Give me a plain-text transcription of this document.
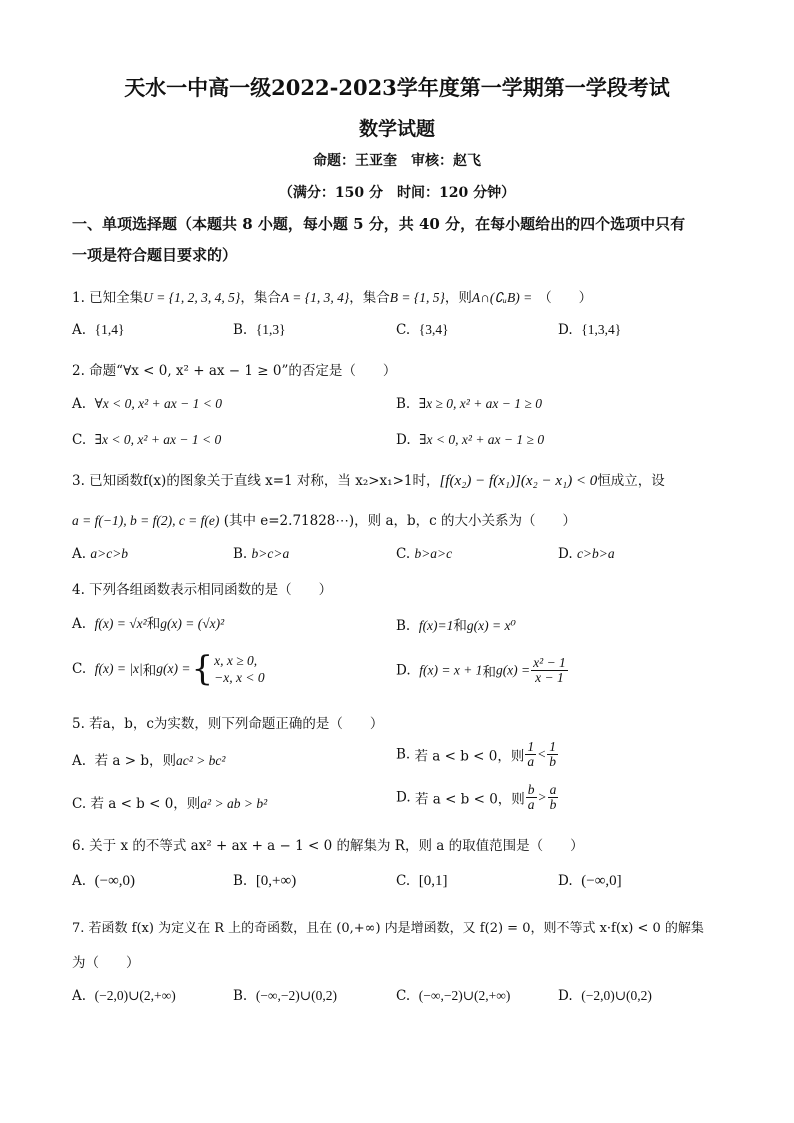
天水一中高一级2022-2023学年度第一学期第一学段考试
数学试题
命题：王亚奎　审核：赵飞
（满分：150 分　时间：120 分钟）
一、单项选择题（本题共 8 小题，每小题 5 分，共 40 分，在每小题给出的四个选项中只有
一项是符合题目要求的）
1. 已知全集U = {1, 2, 3, 4, 5}，集合A = {1, 3, 4}，集合B = {1, 5}，则A∩(∁ᵤB) = （　　）
A. {1,4}	B. {1,3}	C. {3,4}	D. {1,3,4}
2. 命题“∀x < 0, x² + ax − 1 ≥ 0”的否定是（　　）
A. ∀x < 0, x² + ax − 1 < 0	B. ∃x ≥ 0, x² + ax − 1 ≥ 0
C. ∃x < 0, x² + ax − 1 < 0	D. ∃x < 0, x² + ax − 1 ≥ 0
3. 已知函数f(x)的图象关于直线 x=1 对称，当 x₂>x₁>1时，[f(x₂) − f(x₁)](x₂ − x₁) < 0恒成立，设
a = f(−1), b = f(2), c = f(e) (其中 e=2.71828⋯)，则 a，b，c 的大小关系为（　　）
A. a>c>b	B. b>c>a	C. b>a>c	D. c>b>a
4. 下列各组函数表示相同函数的是（　　）
A. f(x) = √x²和g(x) = (√x)²	B. f(x)=1和g(x) = x⁰
C. f(x) = |x|和g(x) ={ x, x ≥ 0,
−x, x < 0	D. f(x) = x + 1和$g(x) = \frac{\text{x² − 1}}{x - 1}$
5. 若a，b，c为实数，则下列命题正确的是（　　）
A. 若 a > b，则ac² > bc²	B. 若 a < b < 0，则 $\frac{1}{a} < \frac{1}{b}$
C. 若 a < b < 0，则a² > ab > b²	D. 若 a < b < 0，则 $\frac{b}{a} > \frac{a}{b}$
6. 关于 x 的不等式 ax² + ax + a − 1 < 0 的解集为 R，则 a 的取值范围是（　　）
A. (−∞,0)	B. [0,+∞)	C. [0,1]	D. (−∞,0]
7. 若函数 f(x) 为定义在 R 上的奇函数，且在 (0,+∞) 内是增函数，又 f(2) = 0，则不等式 x·f(x) < 0 的解集
为（　　）
A. (−2,0)∪(2,+∞)	B. (−∞,−2)∪(0,2)	C. (−∞,−2)∪(2,+∞)	D. (−2,0)∪(0,2)
